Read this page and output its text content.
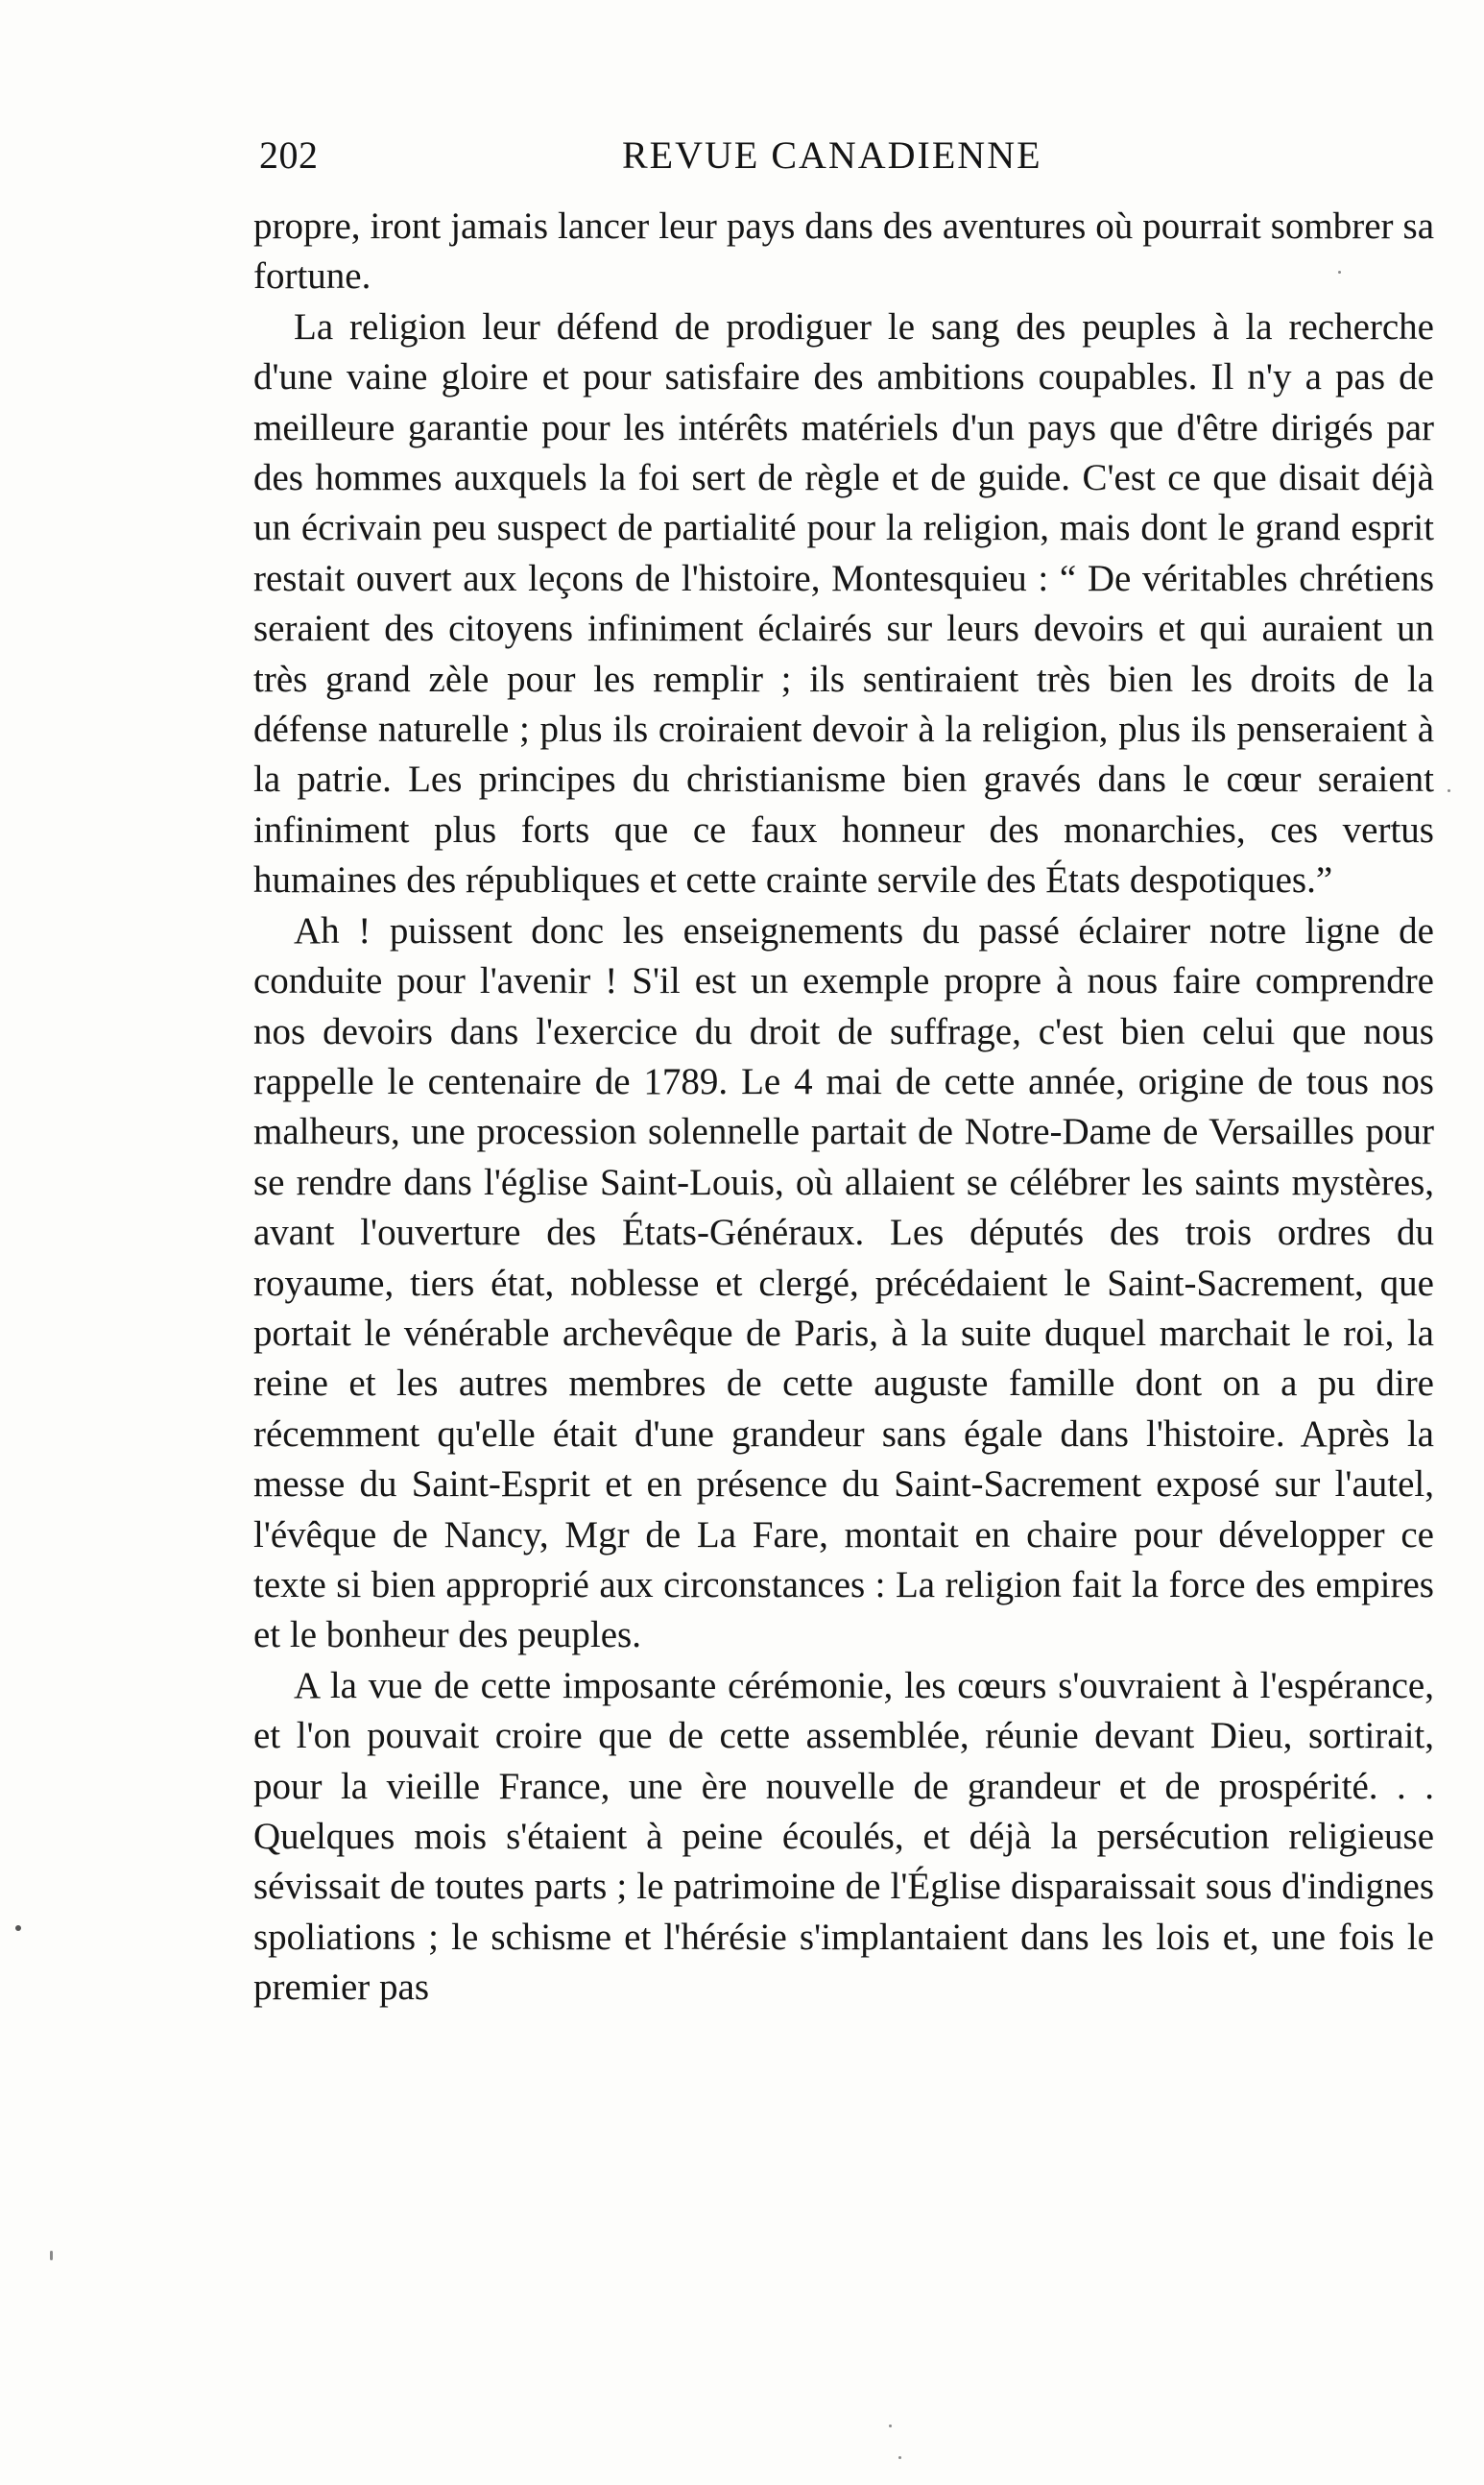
202	REVUE CANADIENNE

propre, iront jamais lancer leur pays dans des aventures où pourrait sombrer sa fortune.

La religion leur défend de prodiguer le sang des peuples à la recherche d'une vaine gloire et pour satisfaire des ambitions coupables. Il n'y a pas de meilleure garantie pour les intérêts matériels d'un pays que d'être dirigés par des hommes auxquels la foi sert de règle et de guide. C'est ce que disait déjà un écrivain peu suspect de partialité pour la religion, mais dont le grand esprit restait ouvert aux leçons de l'histoire, Montesquieu : “ De véritables chrétiens seraient des citoyens infiniment éclairés sur leurs devoirs et qui auraient un très grand zèle pour les remplir ; ils sentiraient très bien les droits de la défense naturelle ; plus ils croiraient devoir à la religion, plus ils penseraient à la patrie. Les principes du christianisme bien gravés dans le cœur seraient infiniment plus forts que ce faux honneur des monarchies, ces vertus humaines des républiques et cette crainte servile des États despotiques.”

Ah ! puissent donc les enseignements du passé éclairer notre ligne de conduite pour l'avenir ! S'il est un exemple propre à nous faire comprendre nos devoirs dans l'exercice du droit de suffrage, c'est bien celui que nous rappelle le centenaire de 1789. Le 4 mai de cette année, origine de tous nos malheurs, une procession solennelle partait de Notre-Dame de Versailles pour se rendre dans l'église Saint-Louis, où allaient se célébrer les saints mystères, avant l'ouverture des États-Généraux. Les députés des trois ordres du royaume, tiers état, noblesse et clergé, précédaient le Saint-Sacrement, que portait le vénérable archevêque de Paris, à la suite duquel marchait le roi, la reine et les autres membres de cette auguste famille dont on a pu dire récemment qu'elle était d'une grandeur sans égale dans l'histoire. Après la messe du Saint-Esprit et en présence du Saint-Sacrement exposé sur l'autel, l'évêque de Nancy, Mgr de La Fare, montait en chaire pour développer ce texte si bien approprié aux circonstances : La religion fait la force des empires et le bonheur des peuples.

A la vue de cette imposante cérémonie, les cœurs s'ouvraient à l'espérance, et l'on pouvait croire que de cette assemblée, réunie devant Dieu, sortirait, pour la vieille France, une ère nouvelle de grandeur et de prospérité. . . Quelques mois s'étaient à peine écoulés, et déjà la persécution religieuse sévissait de toutes parts ; le patrimoine de l'Église disparaissait sous d'indignes spoliations ; le schisme et l'hérésie s'implantaient dans les lois et, une fois le premier pas
